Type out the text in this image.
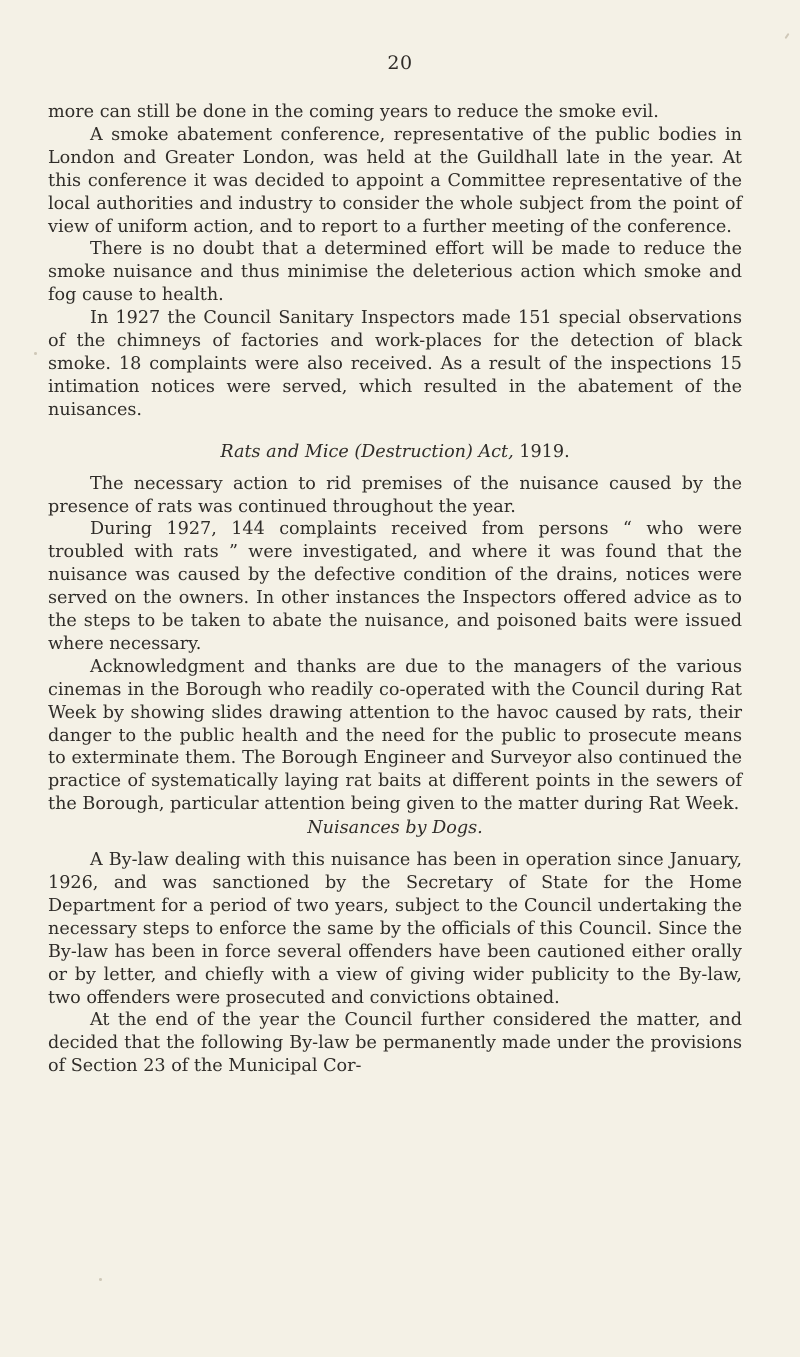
20

more can still be done in the coming years to reduce the smoke evil.

A smoke abatement conference, representative of the public bodies in London and Greater London, was held at the Guildhall late in the year. At this conference it was decided to appoint a Committee representative of the local authorities and industry to consider the whole subject from the point of view of uniform action, and to report to a further meeting of the conference.

There is no doubt that a determined effort will be made to reduce the smoke nuisance and thus minimise the deleterious action which smoke and fog cause to health.

In 1927 the Council Sanitary Inspectors made 151 special observations of the chimneys of factories and work-places for the detection of black smoke. 18 complaints were also received. As a result of the inspections 15 intimation notices were served, which resulted in the abatement of the nuisances.

Rats and Mice (Destruction) Act, 1919.

The necessary action to rid premises of the nuisance caused by the presence of rats was continued throughout the year.

During 1927, 144 complaints received from persons “ who were troubled with rats ” were investigated, and where it was found that the nuisance was caused by the defective condition of the drains, notices were served on the owners. In other instances the Inspectors offered advice as to the steps to be taken to abate the nuisance, and poisoned baits were issued where necessary.

Acknowledgment and thanks are due to the managers of the various cinemas in the Borough who readily co-operated with the Council during Rat Week by showing slides drawing attention to the havoc caused by rats, their danger to the public health and the need for the public to prosecute means to exterminate them. The Borough Engineer and Surveyor also continued the practice of systematically laying rat baits at different points in the sewers of the Borough, particular attention being given to the matter during Rat Week.

Nuisances by Dogs.

A By-law dealing with this nuisance has been in operation since January, 1926, and was sanctioned by the Secretary of State for the Home Department for a period of two years, subject to the Council undertaking the necessary steps to enforce the same by the officials of this Council. Since the By-law has been in force several offenders have been cautioned either orally or by letter, and chiefly with a view of giving wider publicity to the By-law, two offenders were prosecuted and convictions obtained.

At the end of the year the Council further considered the matter, and decided that the following By-law be permanently made under the provisions of Section 23 of the Municipal Cor-
